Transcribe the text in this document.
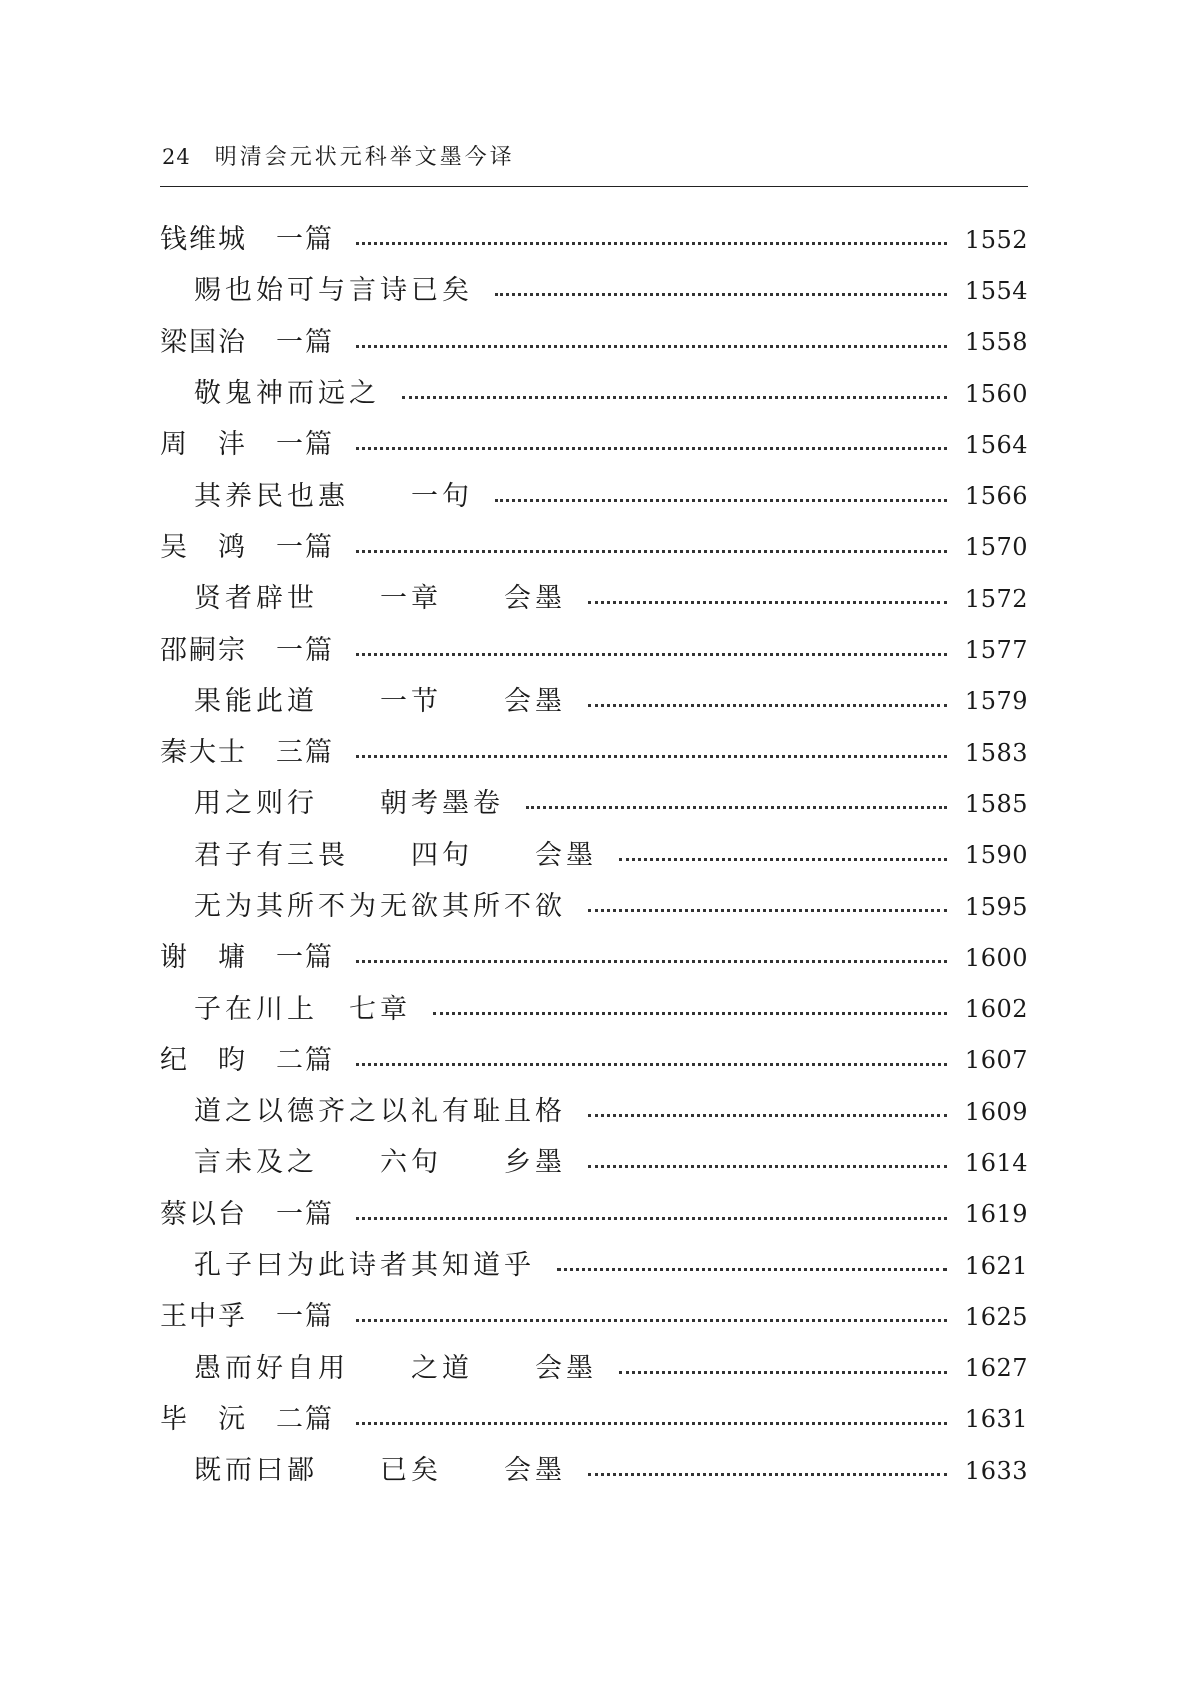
24 明清会元状元科举文墨今译
钱维城　一篇	1552
赐也始可与言诗已矣	1554
梁国治　一篇	1558
敬鬼神而远之	1560
周　沣　一篇	1564
其养民也惠　　一句	1566
吴　鸿　一篇	1570
贤者辟世　　一章　　会墨	1572
邵嗣宗　一篇	1577
果能此道　　一节　　会墨	1579
秦大士　三篇	1583
用之则行　　朝考墨卷	1585
君子有三畏　　四句　　会墨	1590
无为其所不为无欲其所不欲	1595
谢　墉　一篇	1600
子在川上　七章	1602
纪　昀　二篇	1607
道之以德齐之以礼有耻且格	1609
言未及之　　六句　　乡墨	1614
蔡以台　一篇	1619
孔子曰为此诗者其知道乎	1621
王中孚　一篇	1625
愚而好自用　　之道　　会墨	1627
毕　沅　二篇	1631
既而曰鄙　　已矣　　会墨	1633
